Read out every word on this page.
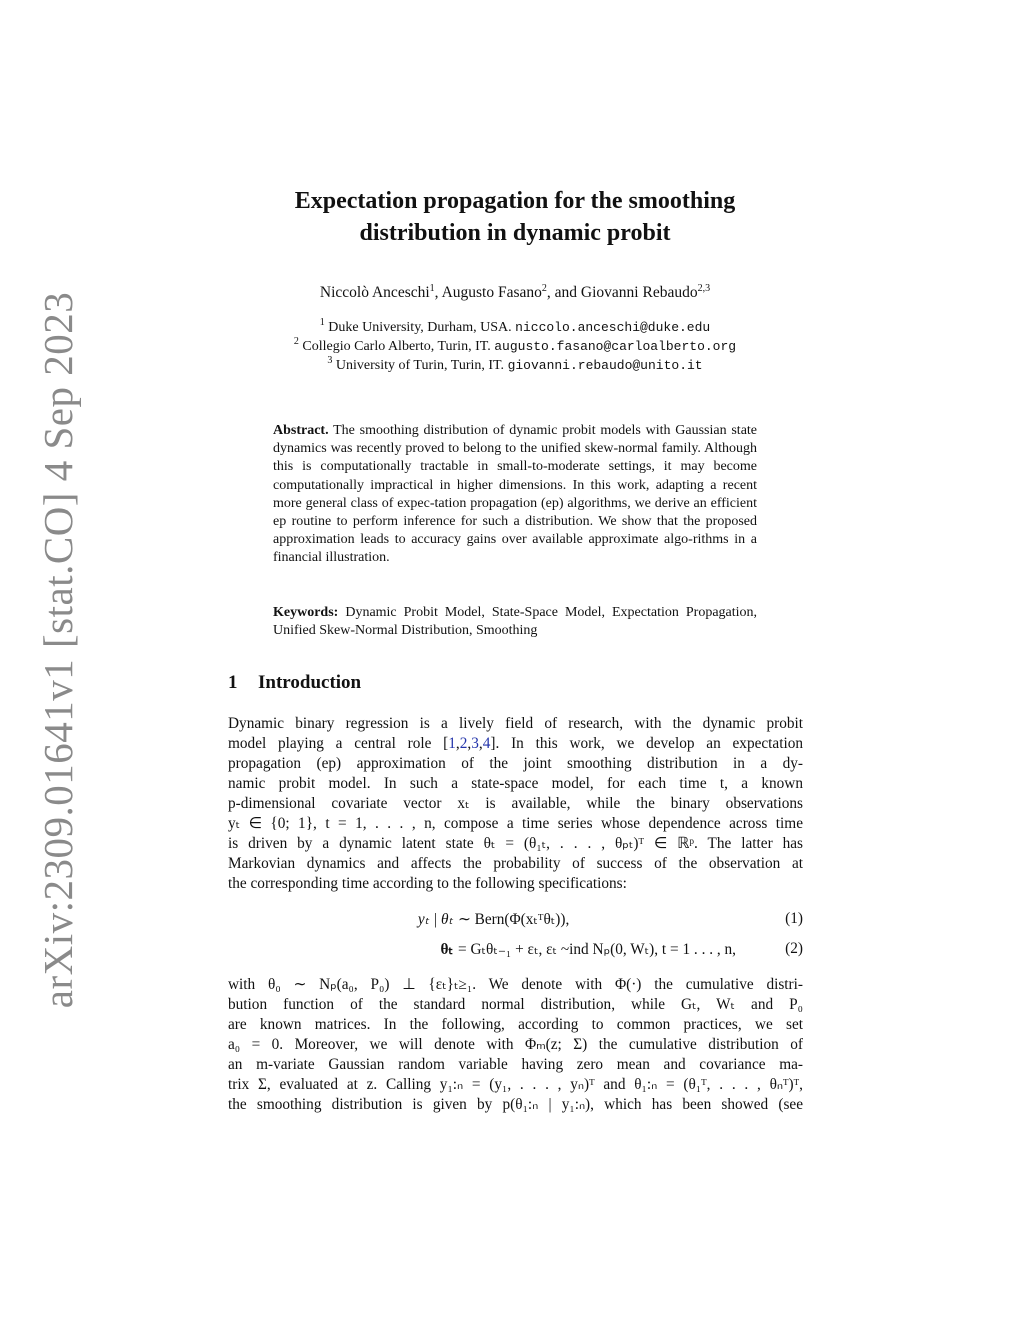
arXiv:2309.01641v1 [stat.CO] 4 Sep 2023
Expectation propagation for the smoothing
distribution in dynamic probit
Niccolò Anceschi$^1$, Augusto Fasano$^2$, and Giovanni Rebaudo$^{2,3}$
$^1$ Duke University, Durham, USA. niccolo.anceschi@duke.edu
$^2$ Collegio Carlo Alberto, Turin, IT. augusto.fasano@carloalberto.org
$^3$ University of Turin, Turin, IT. giovanni.rebaudo@unito.it
Abstract. The smoothing distribution of dynamic probit models with Gaussian state dynamics was recently proved to belong to the unified skew-normal family. Although this is computationally tractable in small-to-moderate settings, it may become computationally impractical in higher dimensions. In this work, adapting a recent more general class of expec-tation propagation (ep) algorithms, we derive an efficient ep routine to perform inference for such a distribution. We show that the proposed approximation leads to accuracy gains over available approximate algo-rithms in a financial illustration.
Keywords: Dynamic Probit Model, State-Space Model, Expectation Propagation, Unified Skew-Normal Distribution, Smoothing
1 Introduction
Dynamic binary regression is a lively field of research, with the dynamic probit
model playing a central role [1,2,3,4]. In this work, we develop an expectation
propagation (ep) approximation of the joint smoothing distribution in a dy-
namic probit model. In such a state-space model, for each time t, a known
p-dimensional covariate vector xₜ is available, while the binary observations
yₜ ∈ {0; 1}, t = 1, . . . , n, compose a time series whose dependence across time
is driven by a dynamic latent state θₜ = (θ₁ₜ, . . . , θₚₜ)ᵀ ∈ ℝᵖ. The latter has
Markovian dynamics and affects the probability of success of the observation at
the corresponding time according to the following specifications:
yₜ | θₜ ∼ Bern(Φ(xₜᵀθₜ)),	(1)
θₜ = Gₜθₜ₋₁ + εₜ, εₜ ~ind Nₚ(0, Wₜ), t = 1 . . . , n,	(2)
with θ₀ ∼ Nₚ(a₀, P₀) ⊥ {εₜ}ₜ≥₁. We denote with Φ(·) the cumulative distri-
bution function of the standard normal distribution, while Gₜ, Wₜ and P₀
are known matrices. In the following, according to common practices, we set
a₀ = 0. Moreover, we will denote with Φₘ(z; Σ) the cumulative distribution of
an m-variate Gaussian random variable having zero mean and covariance ma-
trix Σ, evaluated at z. Calling y₁:ₙ = (y₁, . . . , yₙ)ᵀ and θ₁:ₙ = (θ₁ᵀ, . . . , θₙᵀ)ᵀ,
the smoothing distribution is given by p(θ₁:ₙ | y₁:ₙ), which has been showed (see
